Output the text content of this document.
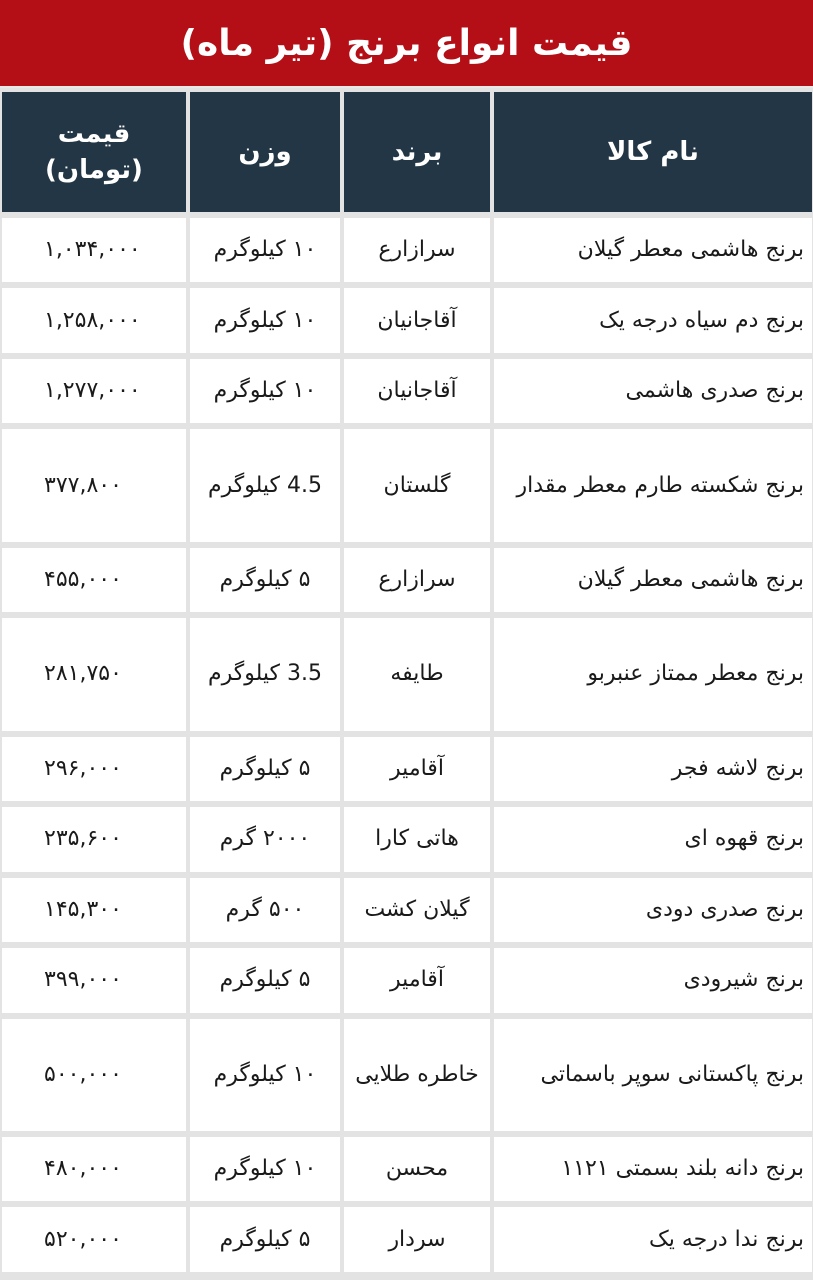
قیمت انواع برنج (تیر ماه)
نام کالا	برند	وزن	قیمت
(تومان)

برنج هاشمی معطر گیلان	سرازارع	۱۰ کیلوگرم	۱,۰۳۴,۰۰۰
برنج دم سیاه درجه یک	آقاجانیان	۱۰ کیلوگرم	۱,۲۵۸,۰۰۰
برنج صدری هاشمی	آقاجانیان	۱۰ کیلوگرم	۱,۲۷۷,۰۰۰
برنج شکسته طارم معطر مقدار	گلستان	4.5 کیلوگرم	۳۷۷,۸۰۰
برنج هاشمی معطر گیلان	سرازارع	۵ کیلوگرم	۴۵۵,۰۰۰
برنج معطر ممتاز عنبربو	طایفه	3.5 کیلوگرم	۲۸۱,۷۵۰
برنج لاشه فجر	آقامیر	۵ کیلوگرم	۲۹۶,۰۰۰
برنج قهوه ای	هاتی کارا	۲۰۰۰ گرم	۲۳۵,۶۰۰
برنج صدری دودی	گیلان کشت	۵۰۰ گرم	۱۴۵,۳۰۰
برنج شیرودی	آقامیر	۵ کیلوگرم	۳۹۹,۰۰۰
برنج پاکستانی سوپر باسماتی	خاطره طلایی	۱۰ کیلوگرم	۵۰۰,۰۰۰
برنج دانه بلند بسمتی ۱۱۲۱	محسن	۱۰ کیلوگرم	۴۸۰,۰۰۰
برنج ندا درجه یک	سردار	۵ کیلوگرم	۵۲۰,۰۰۰
